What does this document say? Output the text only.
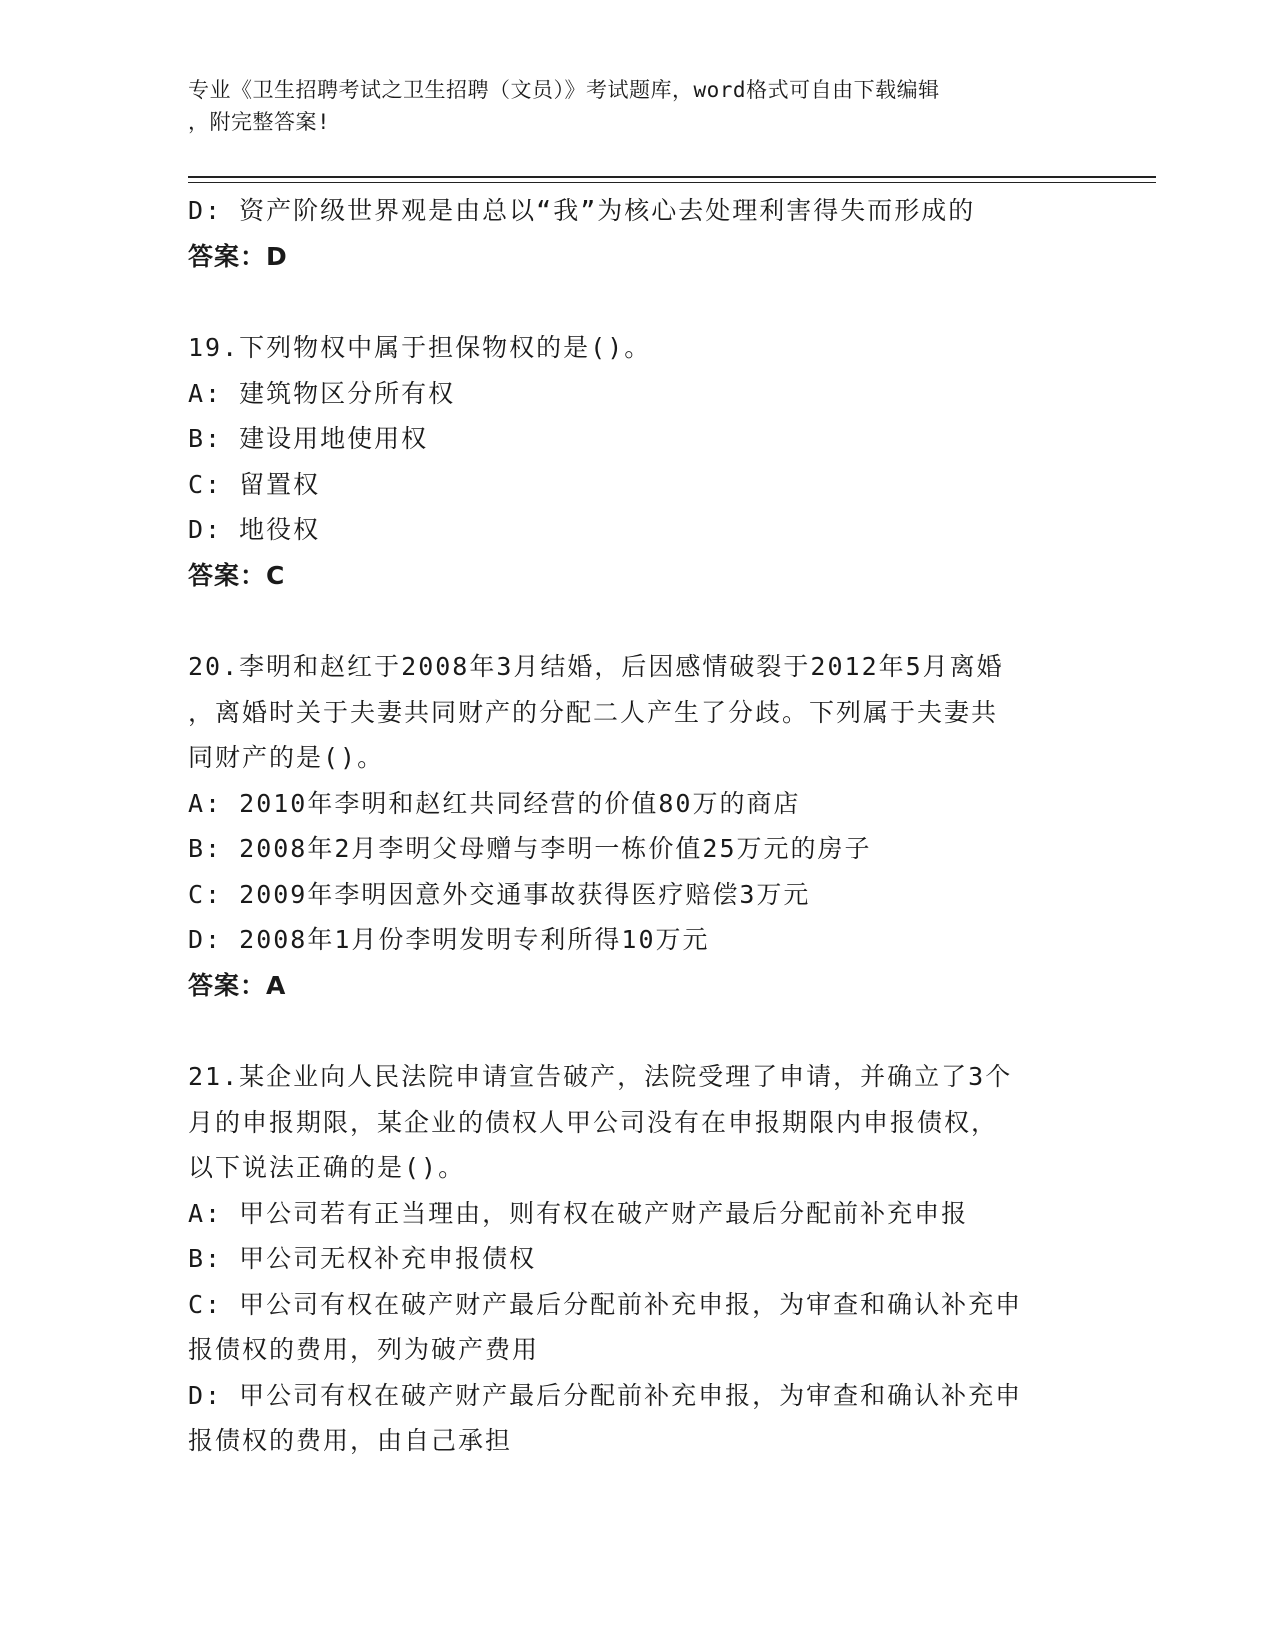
专业《卫生招聘考试之卫生招聘（文员）》考试题库，word格式可自由下载编辑
，附完整答案!
D: 资产阶级世界观是由总以“我”为核心去处理利害得失而形成的
答案：D
19.下列物权中属于担保物权的是()。
A: 建筑物区分所有权
B: 建设用地使用权
C: 留置权
D: 地役权
答案：C
20.李明和赵红于2008年3月结婚，后因感情破裂于2012年5月离婚
，离婚时关于夫妻共同财产的分配二人产生了分歧。下列属于夫妻共
同财产的是()。
A: 2010年李明和赵红共同经营的价值80万的商店
B: 2008年2月李明父母赠与李明一栋价值25万元的房子
C: 2009年李明因意外交通事故获得医疗赔偿3万元
D: 2008年1月份李明发明专利所得10万元
答案：A
21.某企业向人民法院申请宣告破产，法院受理了申请，并确立了3个
月的申报期限，某企业的债权人甲公司没有在申报期限内申报债权，
以下说法正确的是()。
A: 甲公司若有正当理由，则有权在破产财产最后分配前补充申报
B: 甲公司无权补充申报债权
C: 甲公司有权在破产财产最后分配前补充申报，为审查和确认补充申
报债权的费用，列为破产费用
D: 甲公司有权在破产财产最后分配前补充申报，为审查和确认补充申
报债权的费用，由自己承担
